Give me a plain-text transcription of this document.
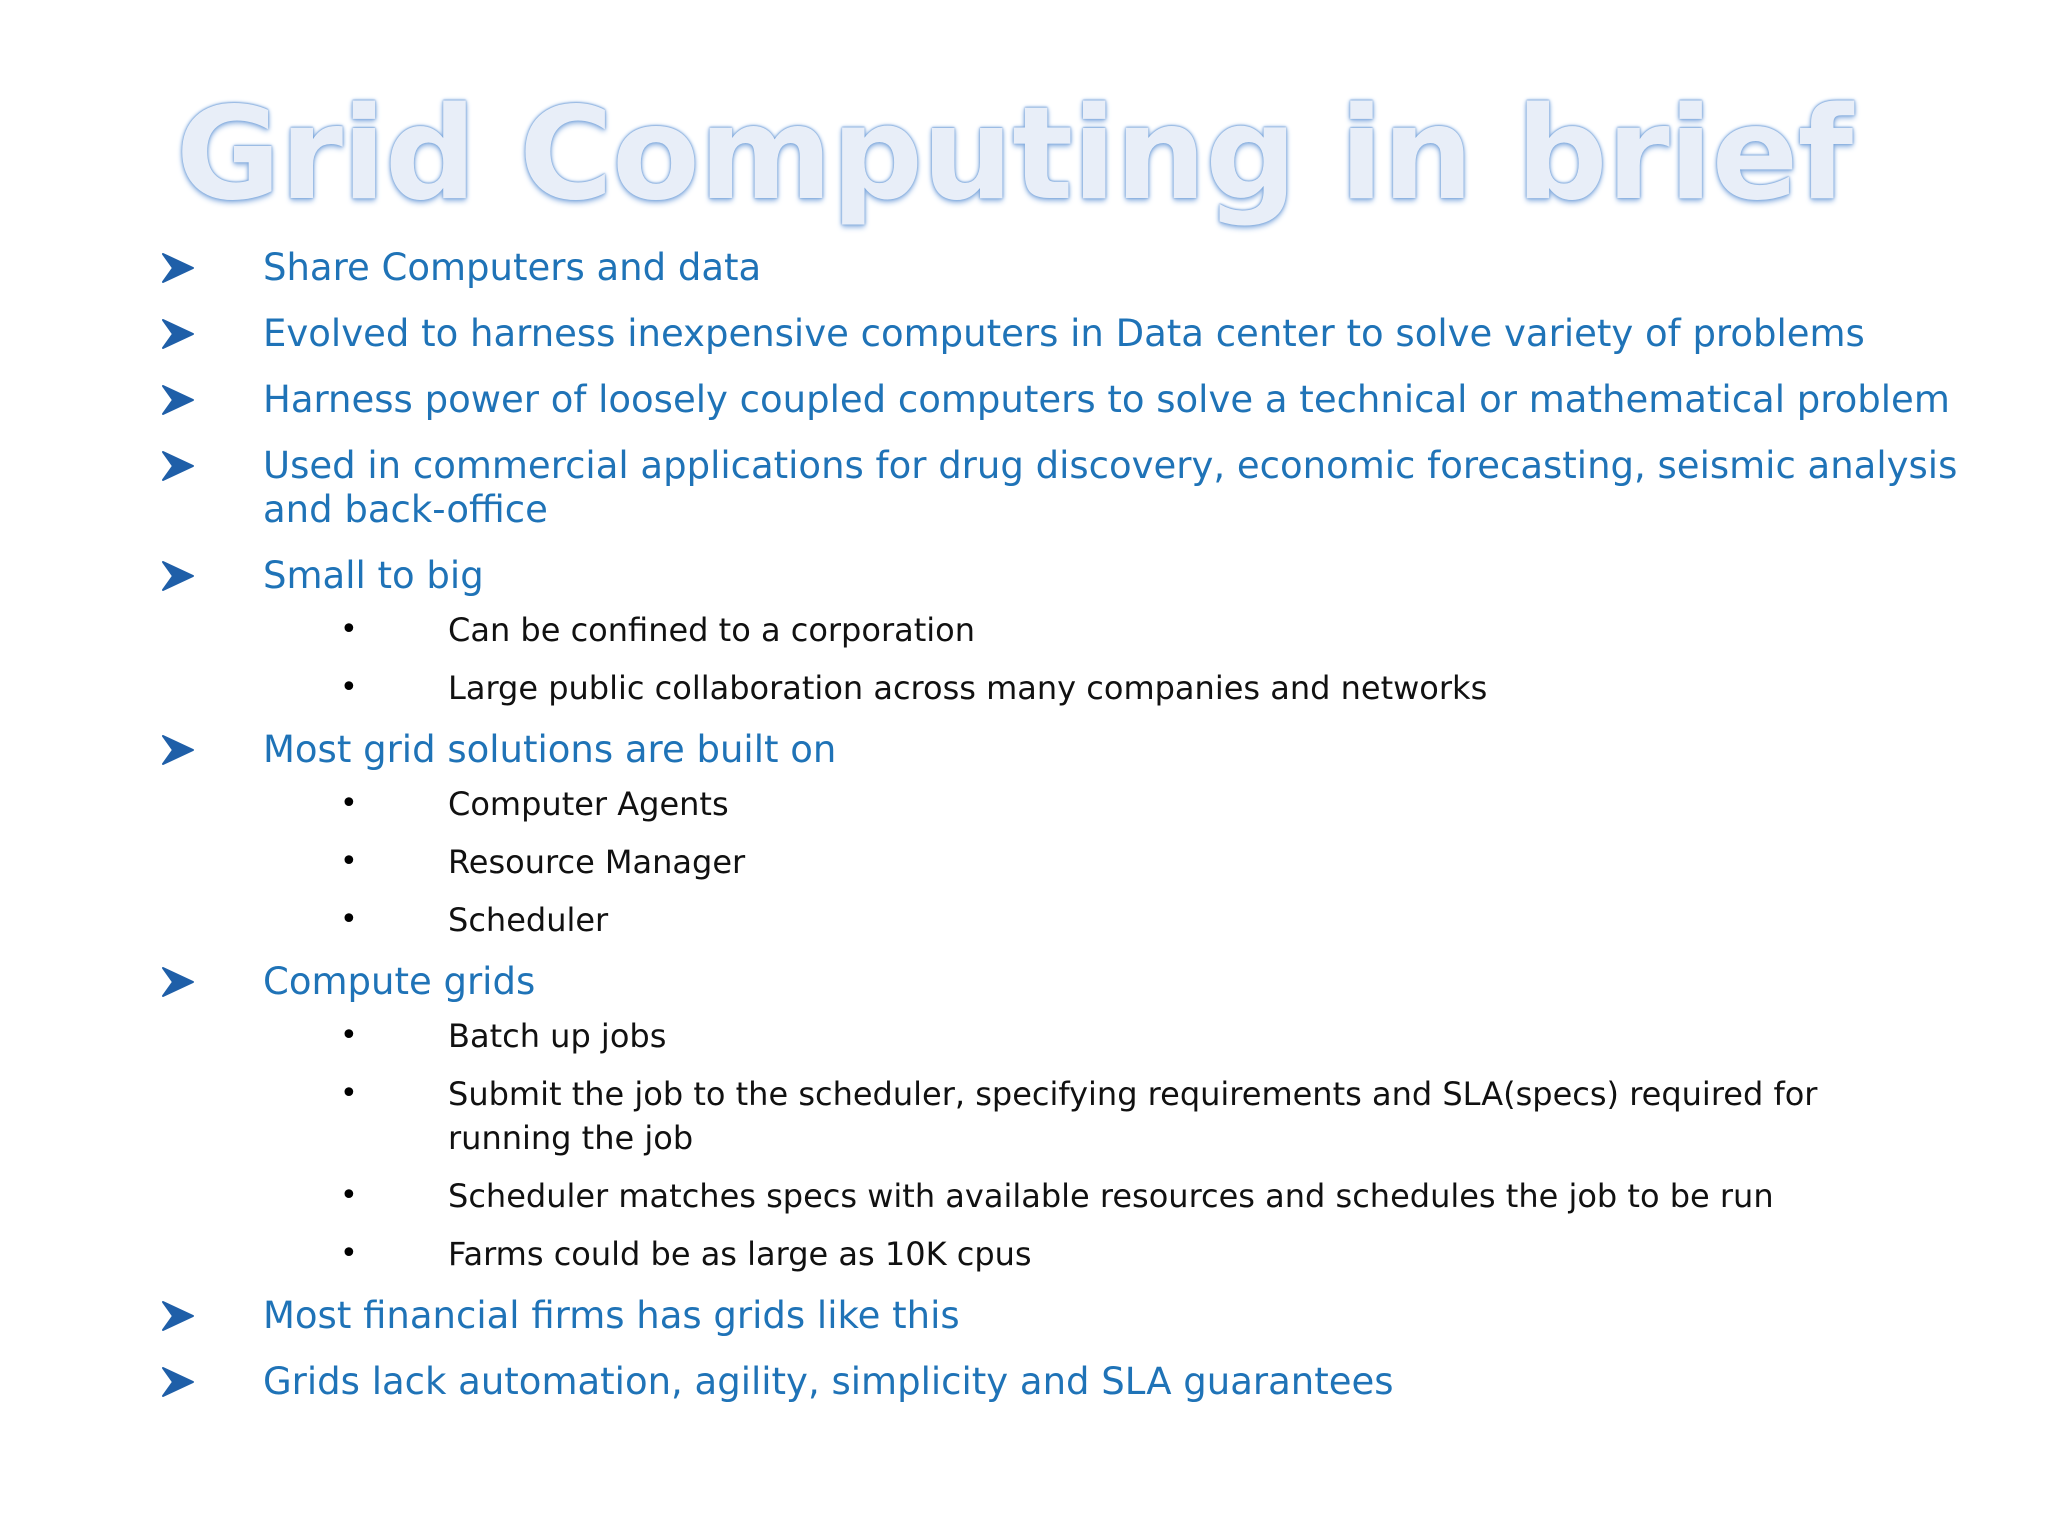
Grid Computing in brief
Share Computers and data
Evolved to harness inexpensive computers in Data center to solve variety of problems
Harness power of loosely coupled computers to solve a technical or mathematical problem
Used in commercial applications for drug discovery, economic forecasting, seismic analysis and back-office
Small to big
•	Can be confined to a corporation
•	Large public collaboration across many companies and networks
Most grid solutions are built on
•	Computer Agents
•	Resource Manager
•	Scheduler
Compute grids
•	Batch up jobs
•	Submit the job to the scheduler, specifying requirements and SLA(specs) required for running the job
•	Scheduler matches specs with available resources and schedules the job to be run
•	Farms could be as large as 10K cpus
Most financial firms has grids like this
Grids lack automation, agility, simplicity and SLA guarantees
